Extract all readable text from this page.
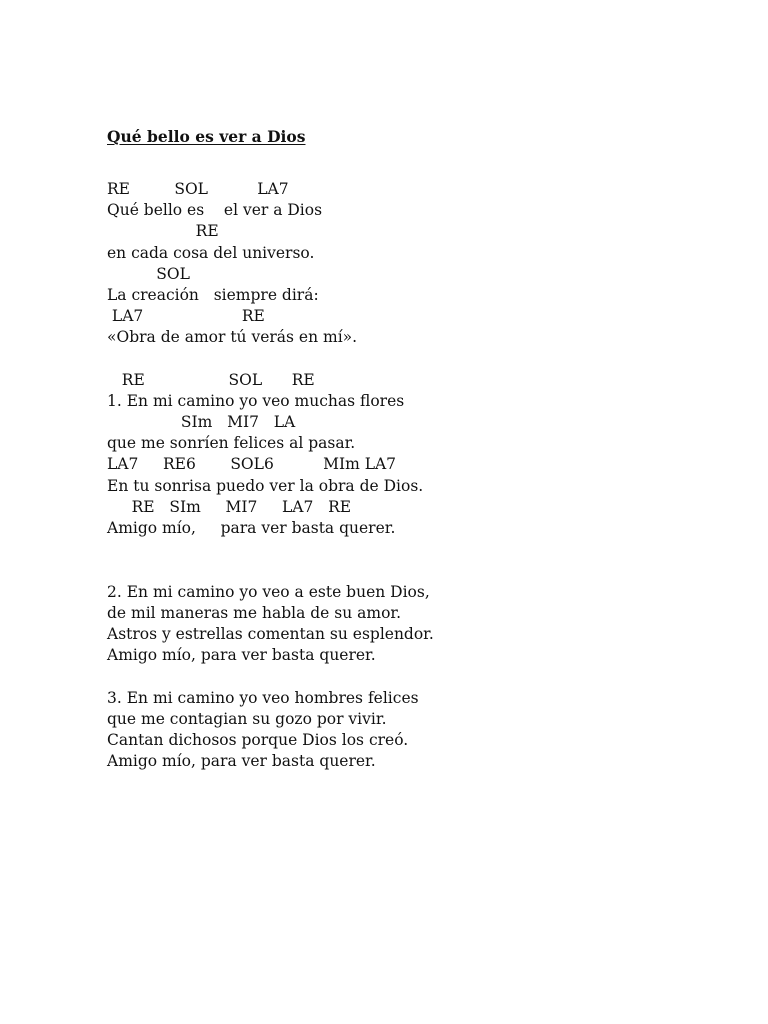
Qué bello es ver a Dios
RE         SOL          LA7
Qué bello es    el ver a Dios
RE
en cada cosa del universo.
SOL
La creación   siempre dirá:
LA7                    RE
«Obra de amor tú verás en mí».
RE                 SOL      RE
1. En mi camino yo veo muchas flores
SIm   MI7   LA
que me sonríen felices al pasar.
LA7     RE6       SOL6          MIm LA7
En tu sonrisa puedo ver la obra de Dios.
RE   SIm     MI7     LA7   RE
Amigo mío,     para ver basta querer.
2. En mi camino yo veo a este buen Dios,
de mil maneras me habla de su amor.
Astros y estrellas comentan su esplendor.
Amigo mío, para ver basta querer.
3. En mi camino yo veo hombres felices
que me contagian su gozo por vivir.
Cantan dichosos porque Dios los creó.
Amigo mío, para ver basta querer.
